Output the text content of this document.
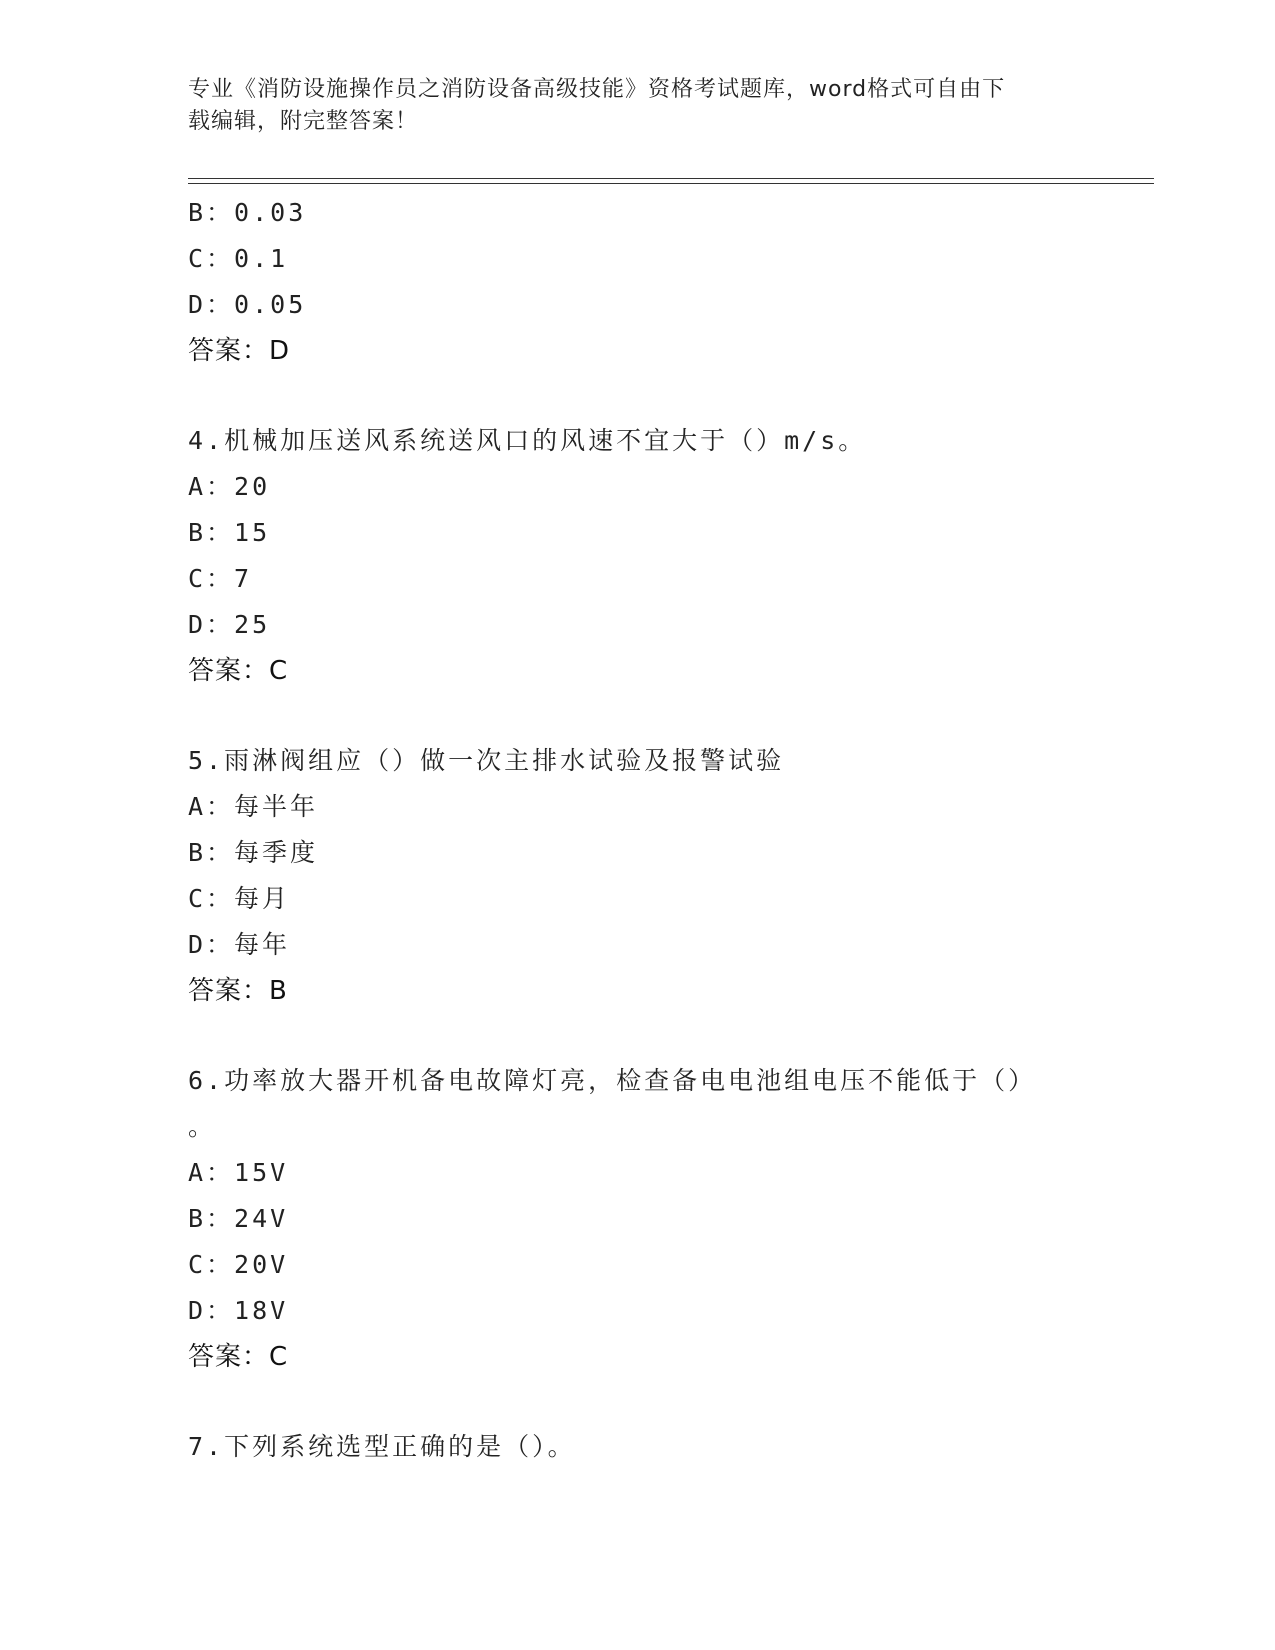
专业《消防设施操作员之消防设备高级技能》资格考试题库，word格式可自由下
载编辑，附完整答案！
B：0.03
C：0.1
D：0.05
答案：D
4.机械加压送风系统送风口的风速不宜大于（）m/s。
A：20
B：15
C：7
D：25
答案：C
5.雨淋阀组应（）做一次主排水试验及报警试验
A：每半年
B：每季度
C：每月
D：每年
答案：B
6.功率放大器开机备电故障灯亮，检查备电电池组电压不能低于（）
。
A：15V
B：24V
C：20V
D：18V
答案：C
7.下列系统选型正确的是（）。
